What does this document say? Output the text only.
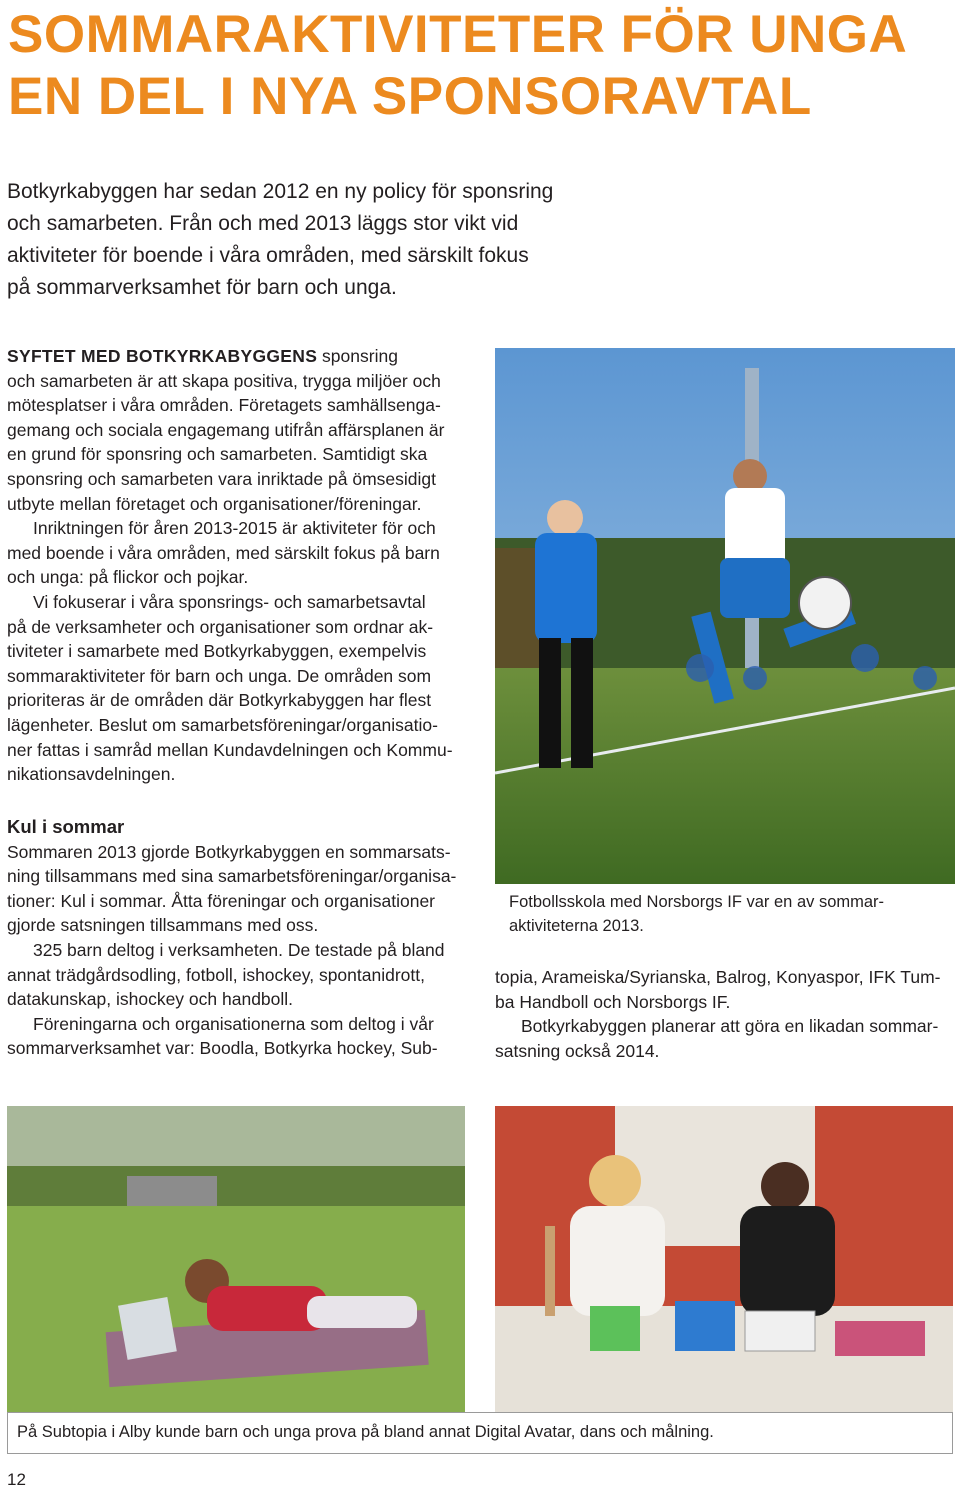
SOMMARAKTIVITETER FÖR UNGA
EN DEL I NYA SPONSORAVTAL

Botkyrkabyggen har sedan 2012 en ny policy för sponsring
och samarbeten. Från och med 2013 läggs stor vikt vid
aktiviteter för boende i våra områden, med särskilt fokus
på sommarverksamhet för barn och unga.

SYFTET MED BOTKYRKABYGGENS sponsring
och samarbeten är att skapa positiva, trygga miljöer och
mötesplatser i våra områden. Företagets samhällsenga-
gemang och sociala engagemang utifrån affärsplanen är
en grund för sponsring och samarbeten. Samtidigt ska
sponsring och samarbeten vara inriktade på ömsesidigt
utbyte mellan företaget och organisationer/föreningar.

Inriktningen för åren 2013-2015 är aktiviteter för och
med boende i våra områden, med särskilt fokus på barn
och unga: på flickor och pojkar.

Vi fokuserar i våra sponsrings- och samarbetsavtal
på de verksamheter och organisationer som ordnar ak-
tiviteter i samarbete med Botkyrkabyggen, exempelvis
sommaraktiviteter för barn och unga. De områden som
prioriteras är de områden där Botkyrkabyggen har flest
lägenheter. Beslut om samarbetsföreningar/organisatio-
ner fattas i samråd mellan Kundavdelningen och Kommu-
nikationsavdelningen.

Kul i sommar

Sommaren 2013 gjorde Botkyrkabyggen en sommarsats-
ning tillsammans med sina samarbetsföreningar/organisa-
tioner: Kul i sommar. Åtta föreningar och organisationer
gjorde satsningen tillsammans med oss.

325 barn deltog i verksamheten. De testade på bland
annat trädgårdsodling, fotboll, ishockey, spontanidrott,
datakunskap, ishockey och handboll.

Föreningarna och organisationerna som deltog i vår
sommarverksamhet var: Boodla, Botkyrka hockey, Sub-

Fotbollsskola med Norsborgs IF var en av sommar-
aktiviteterna 2013.

topia, Arameiska/Syrianska, Balrog, Konyaspor, IFK Tum-
ba Handboll och Norsborgs IF.

Botkyrkabyggen planerar att göra en likadan sommar-
satsning också 2014.

På Subtopia i Alby kunde barn och unga prova på bland annat Digital Avatar, dans och målning.
12
